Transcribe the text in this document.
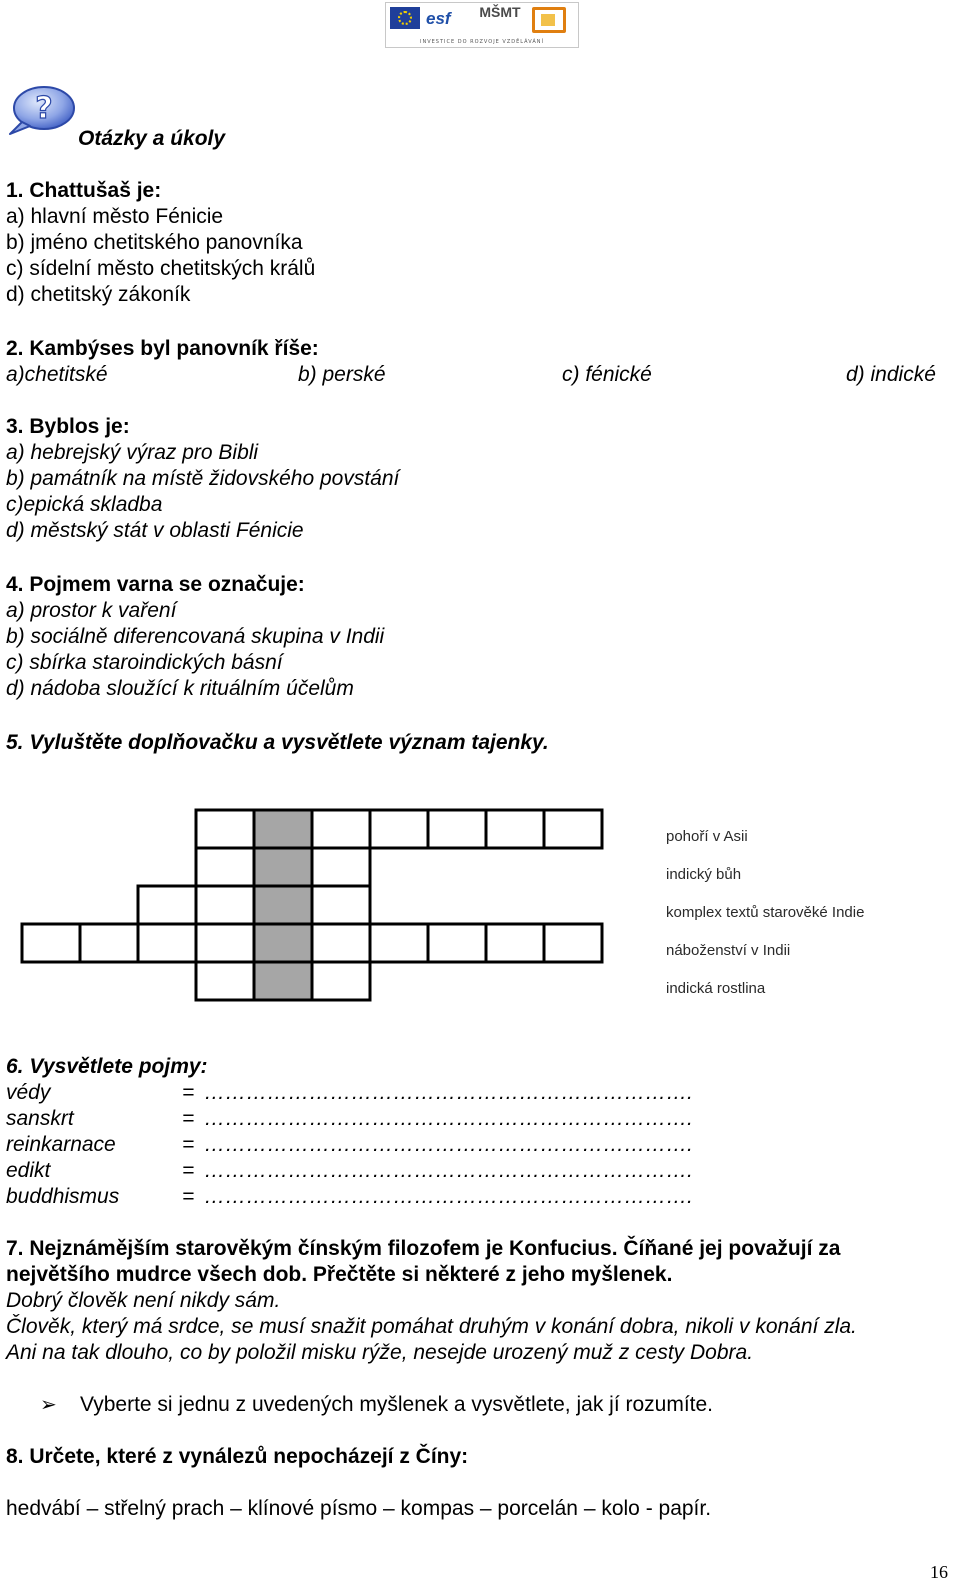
esf MŠMT
INVESTICE DO ROZVOJE VZDĚLÁVÁNÍ
?
Otázky a úkoly
1. Chattušaš je:
a) hlavní město Fénicie
b) jméno chetitského panovníka
c) sídelní město chetitských králů
d) chetitský zákoník
2. Kambýses byl panovník říše:
a)chetitské	b) perské	c) fénické	d) indické
3. Byblos je:
a) hebrejský výraz pro Bibli
b) památník na místě židovského povstání
c)epická skladba
d) městský stát v oblasti Fénicie
4. Pojmem varna se označuje:
a) prostor k vaření
b) sociálně diferencovaná skupina v Indii
c) sbírka staroindických básní
d) nádoba sloužící k rituálním účelům
5. Vyluštěte doplňovačku a vysvětlete význam tajenky.
pohoří v Asii
indický bůh
komplex textů starověké Indie
náboženství v Indii
indická rostlina
6. Vysvětlete pojmy:
védy	= …………………………………………………………….
sanskrt	= …………………………………………………………….
reinkarnace	= …………………………………………………………….
edikt	= …………………………………………………………….
buddhismus	= …………………………………………………………….
7. Nejznámějším starověkým čínským filozofem je Konfucius. Číňané jej považují za
největšího mudrce všech dob. Přečtěte si některé z jeho myšlenek.
Dobrý člověk není nikdy sám.
Člověk, který má srdce, se musí snažit pomáhat druhým v konání dobra, nikoli v konání zla.
Ani na tak dlouho, co by položil misku rýže, nesejde urozený muž z cesty Dobra.
➢ Vyberte si jednu z uvedených myšlenek a vysvětlete, jak jí rozumíte.
8. Určete, které z vynálezů nepocházejí z Číny:
hedvábí – střelný prach – klínové písmo – kompas – porcelán – kolo - papír.
16
